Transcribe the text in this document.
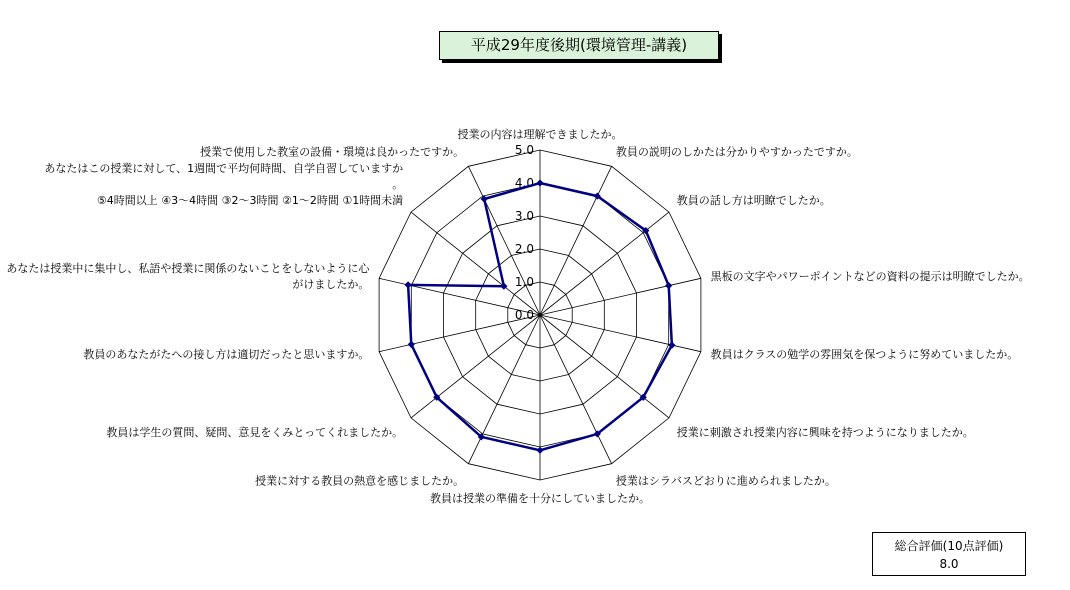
平成29年度後期(環境管理-講義)
0.0
1.0
2.0
3.0
4.0
5.0
授業の内容は理解できましたか。
教員の説明のしかたは分かりやすかったですか。
教員の話し方は明瞭でしたか。
黒板の文字やパワーポイントなどの資料の提示は明瞭でしたか。
教員はクラスの勉学の雰囲気を保つように努めていましたか。
授業に刺激され授業内容に興味を持つようになりましたか。
授業はシラバスどおりに進められましたか。
教員は授業の準備を十分にしていましたか。
授業に対する教員の熱意を感じましたか。
教員は学生の質問、疑問、意見をくみとってくれましたか。
教員のあなたがたへの接し方は適切だったと思いますか。
あなたは授業中に集中し、私語や授業に関係のないことをしないように心がけましたか。
あなたはこの授業に対して、1週間で平均何時間、自学自習していますか。 ⑤4時間以上 ④3～4時間 ③2～3時間 ②1～2時間 ①1時間未満
授業で使用した教室の設備・環境は良かったですか。
総合評価(10点評価)
8.0
